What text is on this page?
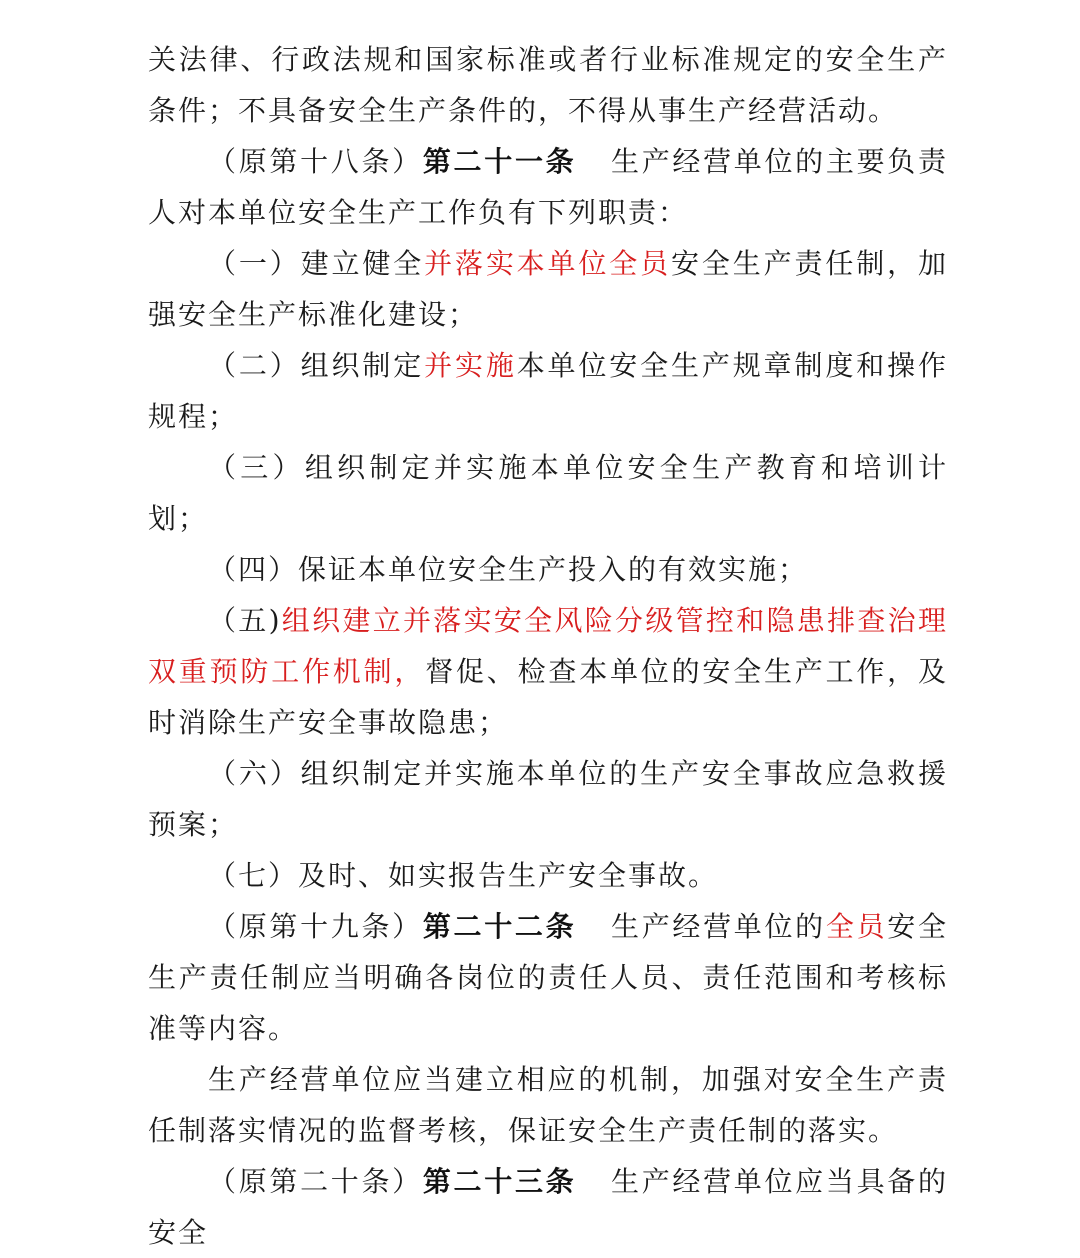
关法律、行政法规和国家标准或者行业标准规定的安全生产条件；不具备安全生产条件的，不得从事生产经营活动。

（原第十八条）第二十一条 生产经营单位的主要负责人对本单位安全生产工作负有下列职责：

（一）建立健全并落实本单位全员安全生产责任制，加强安全生产标准化建设；

（二）组织制定并实施本单位安全生产规章制度和操作规程；

（三）组织制定并实施本单位安全生产教育和培训计划；

（四）保证本单位安全生产投入的有效实施；

（五)组织建立并落实安全风险分级管控和隐患排查治理双重预防工作机制，督促、检查本单位的安全生产工作，及时消除生产安全事故隐患；

（六）组织制定并实施本单位的生产安全事故应急救援预案；

（七）及时、如实报告生产安全事故。

（原第十九条）第二十二条 生产经营单位的全员安全生产责任制应当明确各岗位的责任人员、责任范围和考核标准等内容。

生产经营单位应当建立相应的机制，加强对安全生产责任制落实情况的监督考核，保证安全生产责任制的落实。

（原第二十条）第二十三条 生产经营单位应当具备的安全
